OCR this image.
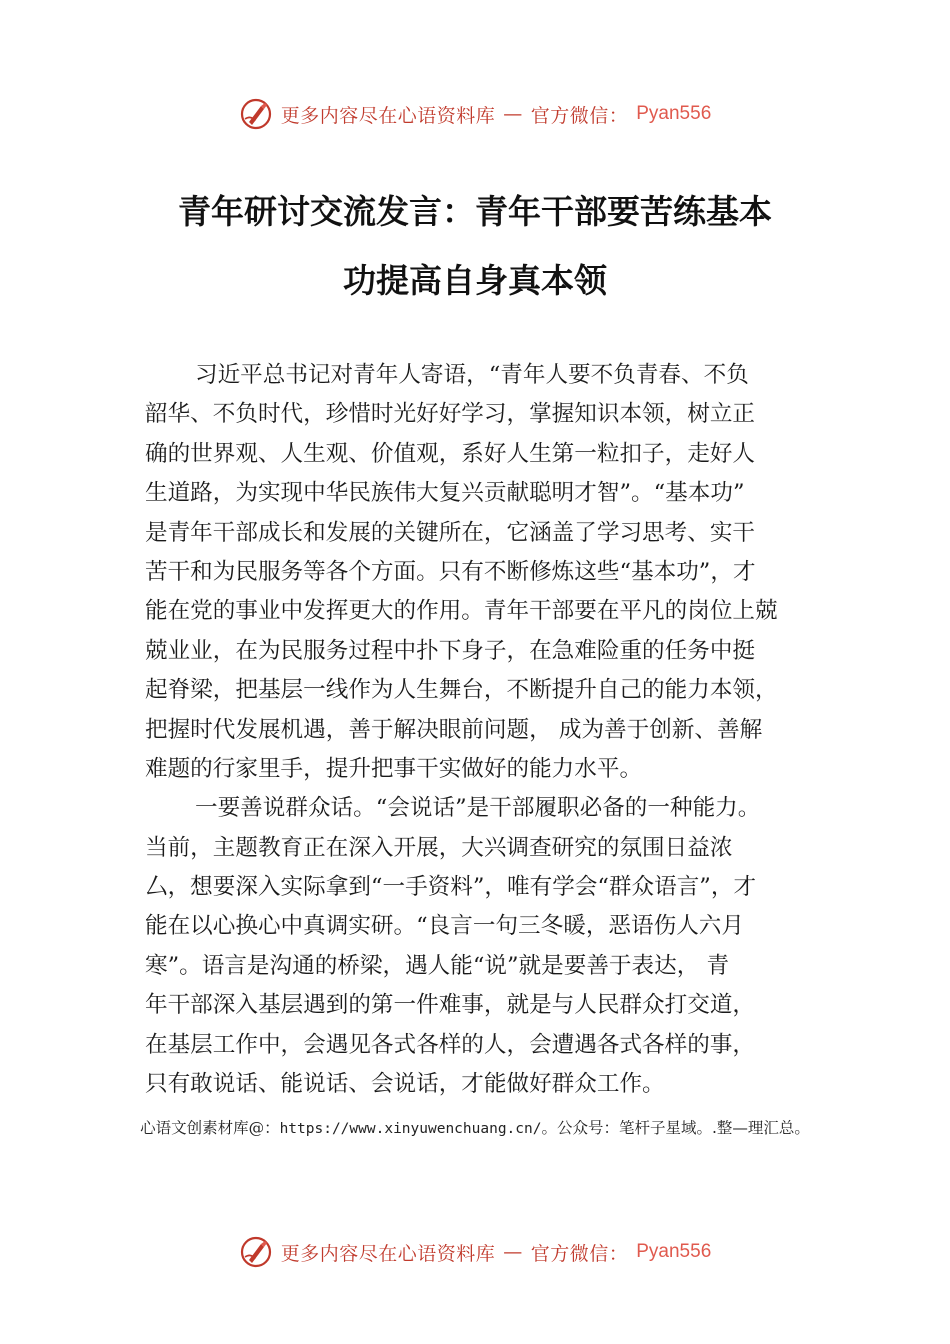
更多内容尽在心语资料库 — 官方微信： Pyan556
青年研讨交流发言：青年干部要苦练基本
功提高自身真本领
习近平总书记对青年人寄语，“青年人要不负青春、不负
韶华、不负时代，珍惜时光好好学习，掌握知识本领，树立正
确的世界观、人生观、价值观，系好人生第一粒扣子，走好人
生道路，为实现中华民族伟大复兴贡献聪明才智”。“基本功”
是青年干部成长和发展的关键所在，它涵盖了学习思考、实干
苦干和为民服务等各个方面。只有不断修炼这些“基本功”，才
能在党的事业中发挥更大的作用。青年干部要在平凡的岗位上兢
兢业业，在为民服务过程中扑下身子，在急难险重的任务中挺
起脊梁，把基层一线作为人生舞台，不断提升自己的能力本领，
把握时代发展机遇，善于解决眼前问题， 成为善于创新、善解
难题的行家里手，提升把事干实做好的能力水平。
一要善说群众话。“会说话”是干部履职必备的一种能力。
当前，主题教育正在深入开展，大兴调查研究的氛围日益浓
厶，想要深入实际拿到“一手资料”，唯有学会“群众语言”，才
能在以心换心中真调实研。“良言一句三冬暖，恶语伤人六月
寒”。语言是沟通的桥梁，遇人能“说”就是要善于表达， 青
年干部深入基层遇到的第一件难事，就是与人民群众打交道，
在基层工作中，会遇见各式各样的人，会遭遇各式各样的事，
只有敢说话、能说话、会说话，才能做好群众工作。
心语文创素材库@：https://www.xinyuwenchuang.cn/。公众号：笔杆子星域。.整—理汇总。
更多内容尽在心语资料库 — 官方微信： Pyan556
